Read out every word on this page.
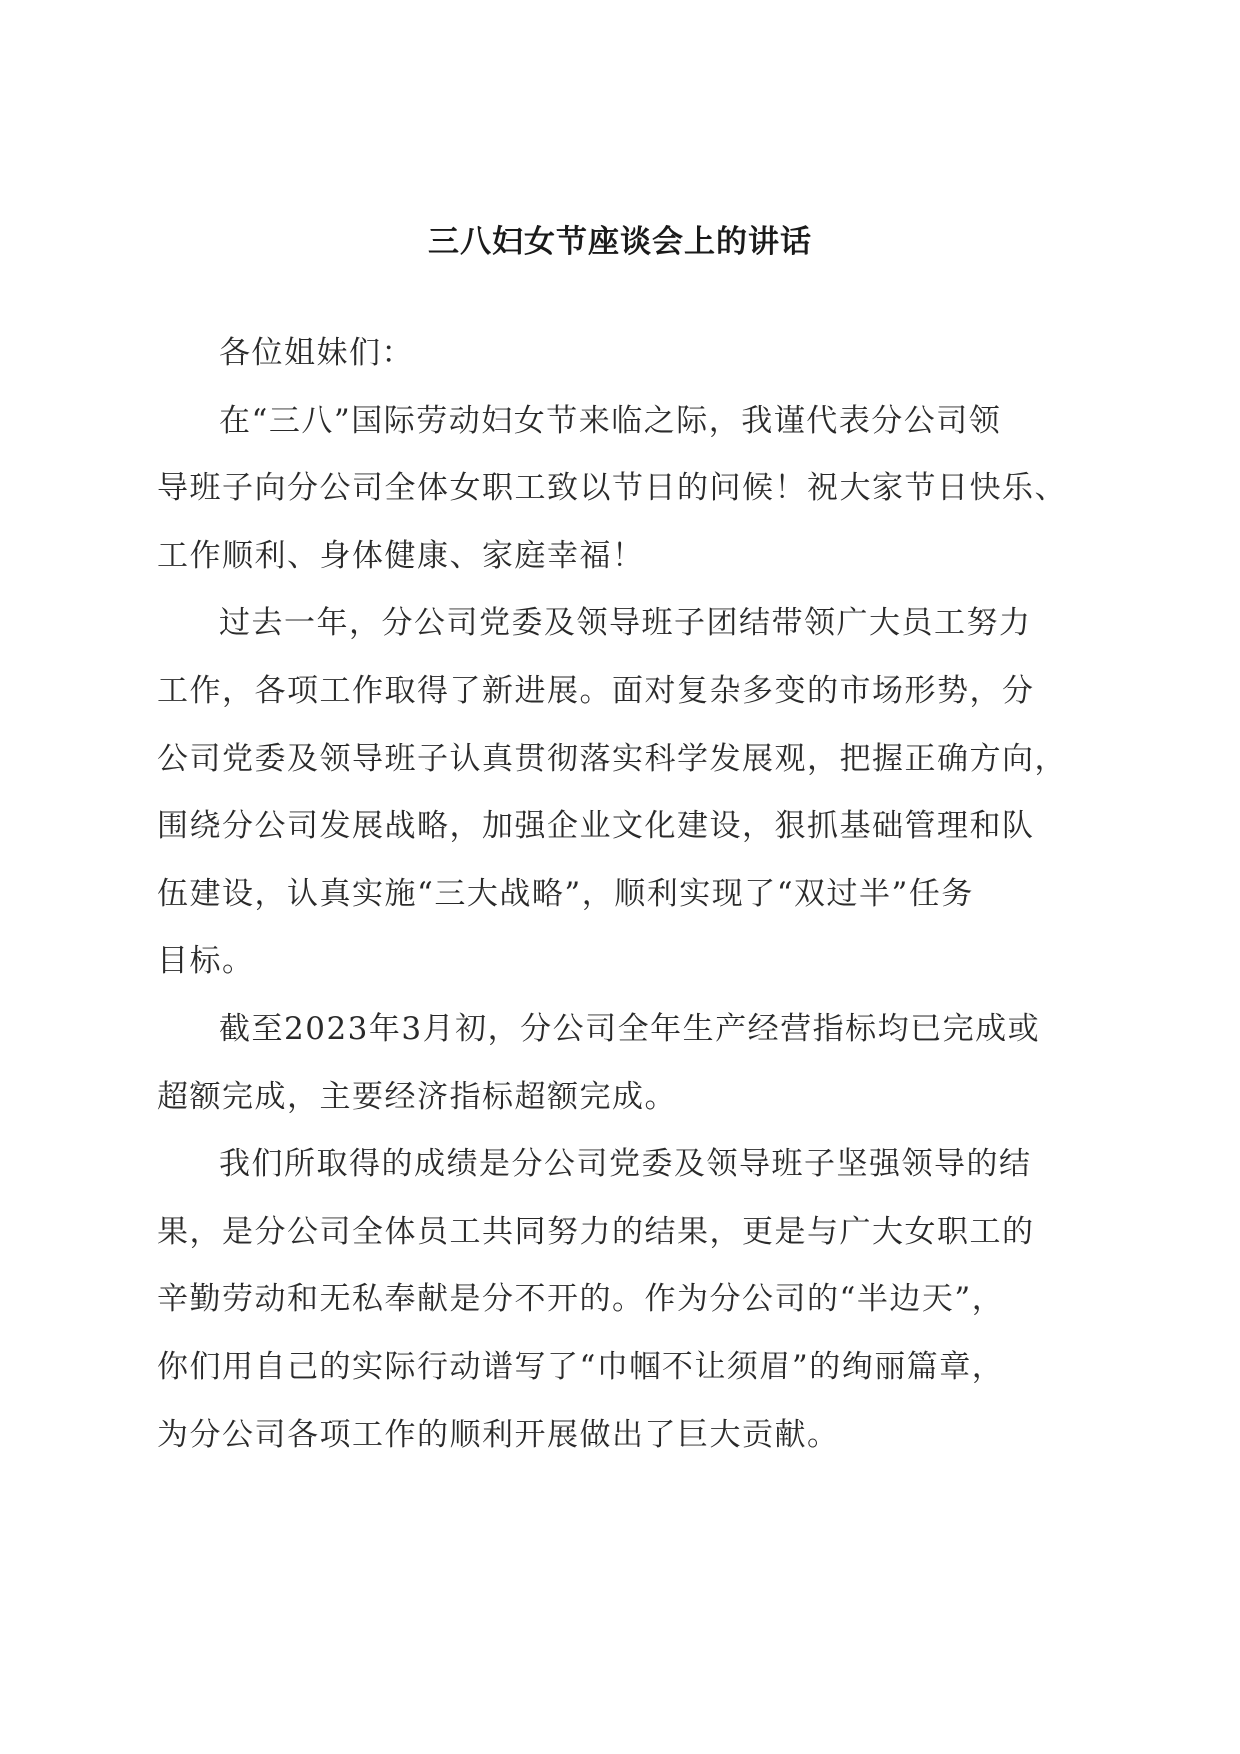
三八妇女节座谈会上的讲话

各位姐妹们：

在“三八”国际劳动妇女节来临之际，我谨代表分公司领
导班子向分公司全体女职工致以节日的问候！祝大家节日快乐、
工作顺利、身体健康、家庭幸福！

过去一年，分公司党委及领导班子团结带领广大员工努力
工作，各项工作取得了新进展。面对复杂多变的市场形势，分
公司党委及领导班子认真贯彻落实科学发展观，把握正确方向，
围绕分公司发展战略，加强企业文化建设，狠抓基础管理和队
伍建设，认真实施“三大战略”，顺利实现了“双过半”任务
目标。

截至2023年3月初，分公司全年生产经营指标均已完成或
超额完成，主要经济指标超额完成。

我们所取得的成绩是分公司党委及领导班子坚强领导的结
果，是分公司全体员工共同努力的结果，更是与广大女职工的
辛勤劳动和无私奉献是分不开的。作为分公司的“半边天”，
你们用自己的实际行动谱写了“巾帼不让须眉”的绚丽篇章，
为分公司各项工作的顺利开展做出了巨大贡献。
